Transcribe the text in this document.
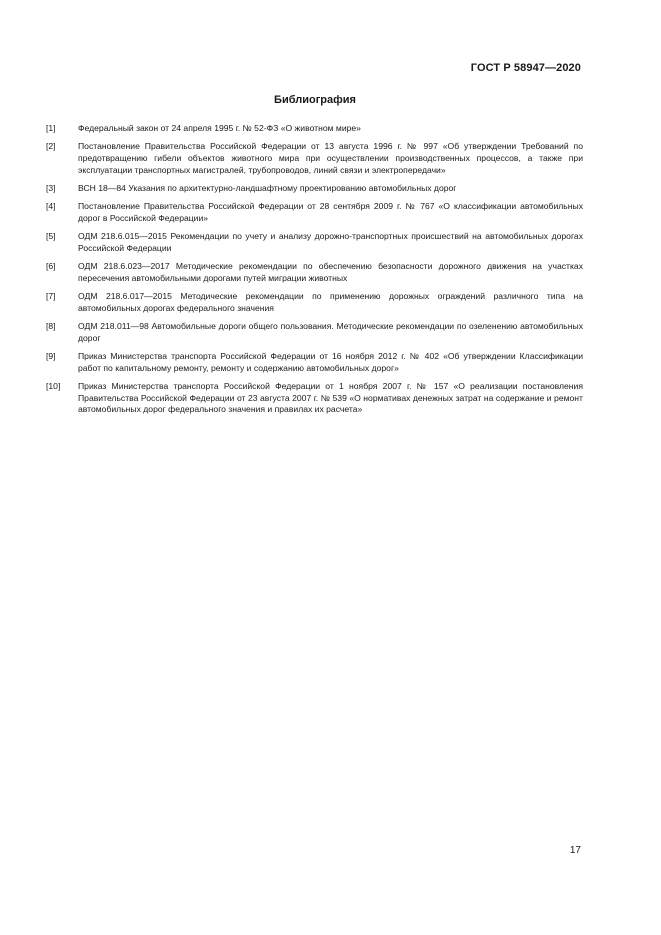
ГОСТ Р 58947—2020
Библиография
[1]	Федеральный закон от 24 апреля 1995 г. № 52-ФЗ «О животном мире»
[2]	Постановление Правительства Российской Федерации от 13 августа 1996 г. № 997 «Об утверждении Требований по предотвращению гибели объектов животного мира при осуществлении производственных процессов, а также при эксплуатации транспортных магистралей, трубопроводов, линий связи и электропередачи»
[3]	ВСН 18—84 Указания по архитектурно-ландшафтному проектированию автомобильных дорог
[4]	Постановление Правительства Российской Федерации от 28 сентября 2009 г. № 767 «О классификации автомобильных дорог в Российской Федерации»
[5]	ОДМ 218.6.015—2015 Рекомендации по учету и анализу дорожно-транспортных происшествий на автомобильных дорогах Российской Федерации
[6]	ОДМ 218.6.023—2017 Методические рекомендации по обеспечению безопасности дорожного движения на участках пересечения автомобильными дорогами путей миграции животных
[7]	ОДМ 218.6.017—2015 Методические рекомендации по применению дорожных ограждений различного типа на автомобильных дорогах федерального значения
[8]	ОДМ 218.011—98 Автомобильные дороги общего пользования. Методические рекомендации по озеленению автомобильных дорог
[9]	Приказ Министерства транспорта Российской Федерации от 16 ноября 2012 г. № 402 «Об утверждении Классификации работ по капитальному ремонту, ремонту и содержанию автомобильных дорог»
[10]	Приказ Министерства транспорта Российской Федерации от 1 ноября 2007 г. № 157 «О реализации постановления Правительства Российской Федерации от 23 августа 2007 г. № 539 «О нормативах денежных затрат на содержание и ремонт автомобильных дорог федерального значения и правилах их расчета»
17
